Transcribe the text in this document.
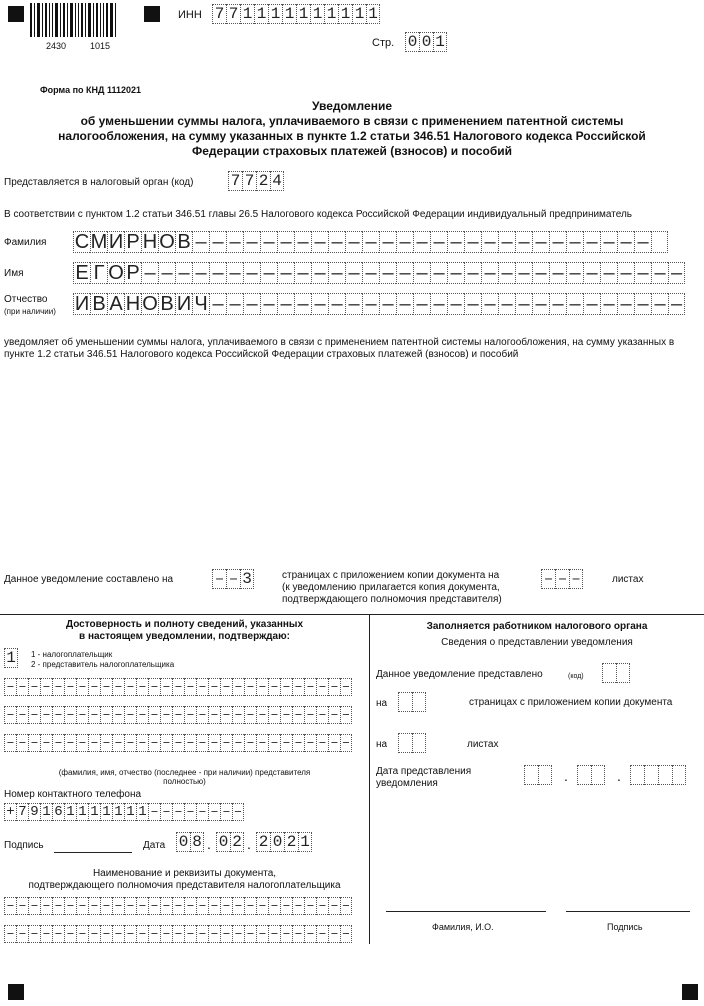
2430	1015
ИНН 7 7 1 1 1 1 1 1 1 1 1 1
Стр. 0 0 1
Форма по КНД 1112021
Уведомление
об уменьшении суммы налога, уплачиваемого в связи с применением патентной системы
налогообложения, на сумму указанных в пункте 1.2 статьи 346.51 Налогового кодекса Российской
Федерации страховых платежей (взносов) и пособий
Представляется в налоговый орган (код) 7 7 2 4
В соответствии с пунктом 1.2 статьи 346.51 главы 26.5 Налогового кодекса Российской Федерации индивидуальный предприниматель
Фамилия С М И Р Н О В – – – – – – – – – – – – – – – – – – – – – – – – – – –
Имя	Е Г О Р – – – – – – – – – – – – – – – – – – – – – – – – – – – – – – – –
Отчество
(при наличии) И В А Н О В И Ч – – – – – – – – – – – – – – – – – – – – – – – – – – – –
уведомляет об уменьшении суммы налога, уплачиваемого в связи с применением патентной системы налогообложения, на сумму указанных в пункте 1.2 статьи 346.51 Налогового кодекса Российской Федерации страховых платежей (взносов) и пособий
Данное уведомление составлено на	– – 3	страницах с приложением копии документа на
(к уведомлению прилагается копия документа,
подтверждающего полномочия представителя)
– – –	листах
Достоверность и полноту сведений, указанных
в настоящем уведомлении, подтверждаю:
1 1 - налогоплательщик
2 - представитель налогоплательщика
– – – – – – – – – – – – – – – – – – – – – – – – – – – – –
– – – – – – – – – – – – – – – – – – – – – – – – – – – – –
– – – – – – – – – – – – – – – – – – – – – – – – – – – – –
(фамилия, имя, отчество (последнее - при наличии) представителя
полностью)
Номер контактного телефона
+ 7 9 1 6 1 1 1 1 1 1 1 – – – – – – – –
Подпись	Дата 0 8 . 0 2 . 2 0 2 1
Наименование и реквизиты документа,
подтверждающего полномочия представителя налогоплательщика
– – – – – – – – – – – – – – – – – – – – – – – – – – – – –
– – – – – – – – – – – – – – – – – – – – – – – – – – – – –
Заполняется работником налогового органа
Сведения о представлении уведомления
Данное уведомление представлено	(код)
на	страницах с приложением копии документа
на	листах
Дата представления
уведомления	.	.
Фамилия, И.О.	Подпись
